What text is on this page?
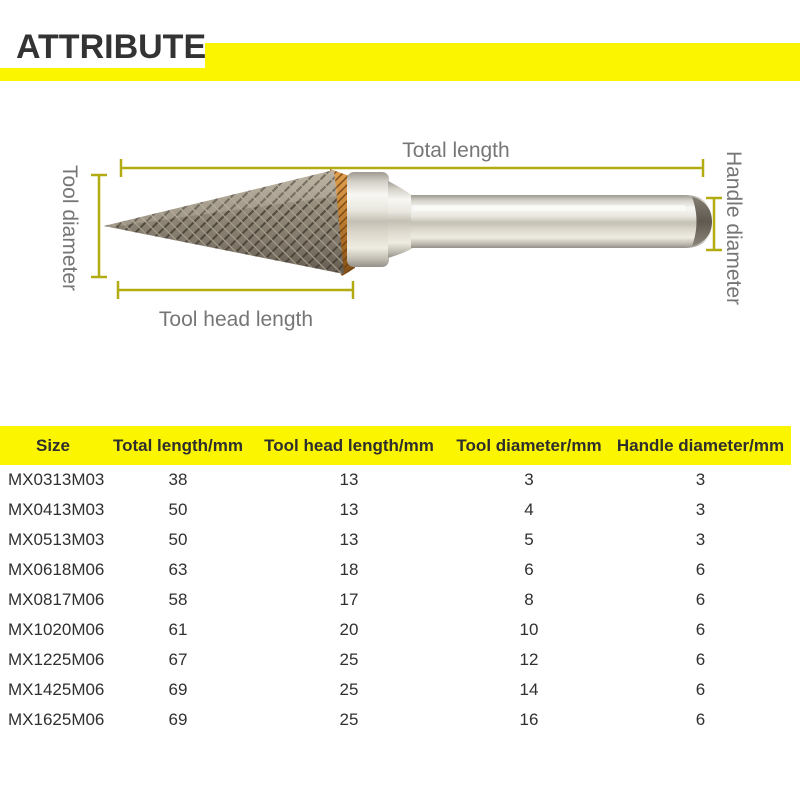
ATTRIBUTE
Total length
Tool diameter
Tool head length
Handle diameter
Size	Total length/mm	Tool head length/mm	Tool diameter/mm	Handle diameter/mm
MX0313M03	38	13	3	3
MX0413M03	50	13	4	3
MX0513M03	50	13	5	3
MX0618M06	63	18	6	6
MX0817M06	58	17	8	6
MX1020M06	61	20	10	6
MX1225M06	67	25	12	6
MX1425M06	69	25	14	6
MX1625M06	69	25	16	6
